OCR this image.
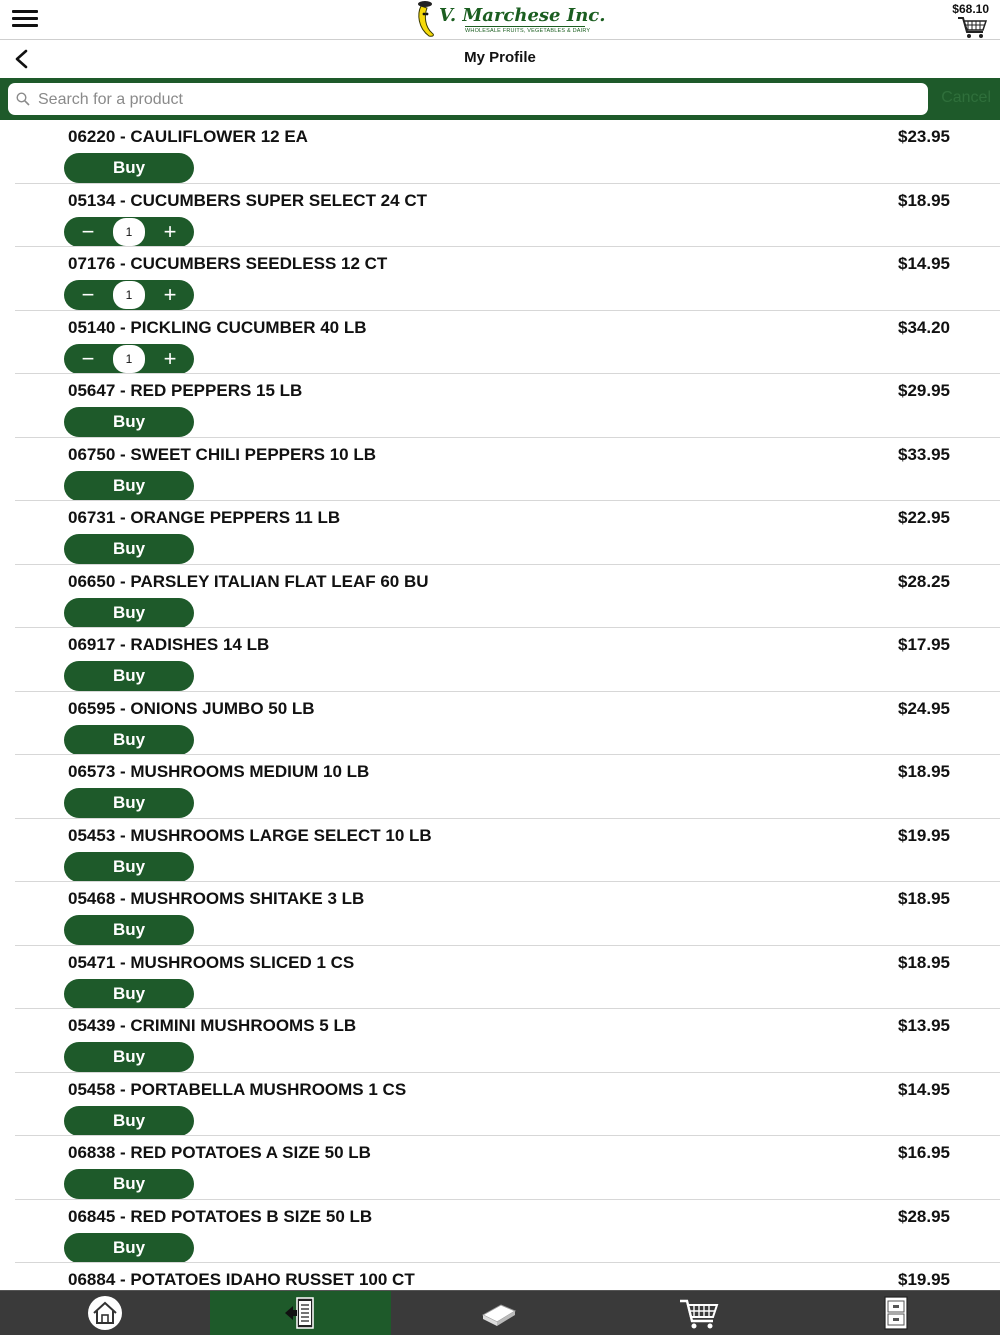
V. Marchese Inc.
WHOLESALE FRUITS, VEGETABLES & DAIRY
$68.10
My Profile
Search for a product
Cancel
06220 - CAULIFLOWER 12 EA	$23.95
Buy
05134 - CUCUMBERS SUPER SELECT 24 CT	$18.95
−	1	+
07176 - CUCUMBERS SEEDLESS 12 CT	$14.95
−	1	+
05140 - PICKLING CUCUMBER 40 LB	$34.20
−	1	+
05647 - RED PEPPERS 15 LB	$29.95
Buy
06750 - SWEET CHILI PEPPERS 10 LB	$33.95
Buy
06731 - ORANGE PEPPERS 11 LB	$22.95
Buy
06650 - PARSLEY ITALIAN FLAT LEAF 60 BU	$28.25
Buy
06917 - RADISHES 14 LB	$17.95
Buy
06595 - ONIONS JUMBO 50 LB	$24.95
Buy
06573 - MUSHROOMS MEDIUM 10 LB	$18.95
Buy
05453 - MUSHROOMS LARGE SELECT 10 LB	$19.95
Buy
05468 - MUSHROOMS SHITAKE 3 LB	$18.95
Buy
05471 - MUSHROOMS SLICED 1 CS	$18.95
Buy
05439 - CRIMINI MUSHROOMS 5 LB	$13.95
Buy
05458 - PORTABELLA MUSHROOMS 1 CS	$14.95
Buy
06838 - RED POTATOES A SIZE 50 LB	$16.95
Buy
06845 - RED POTATOES B SIZE 50 LB	$28.95
Buy
06884 - POTATOES IDAHO RUSSET 100 CT	$19.95
